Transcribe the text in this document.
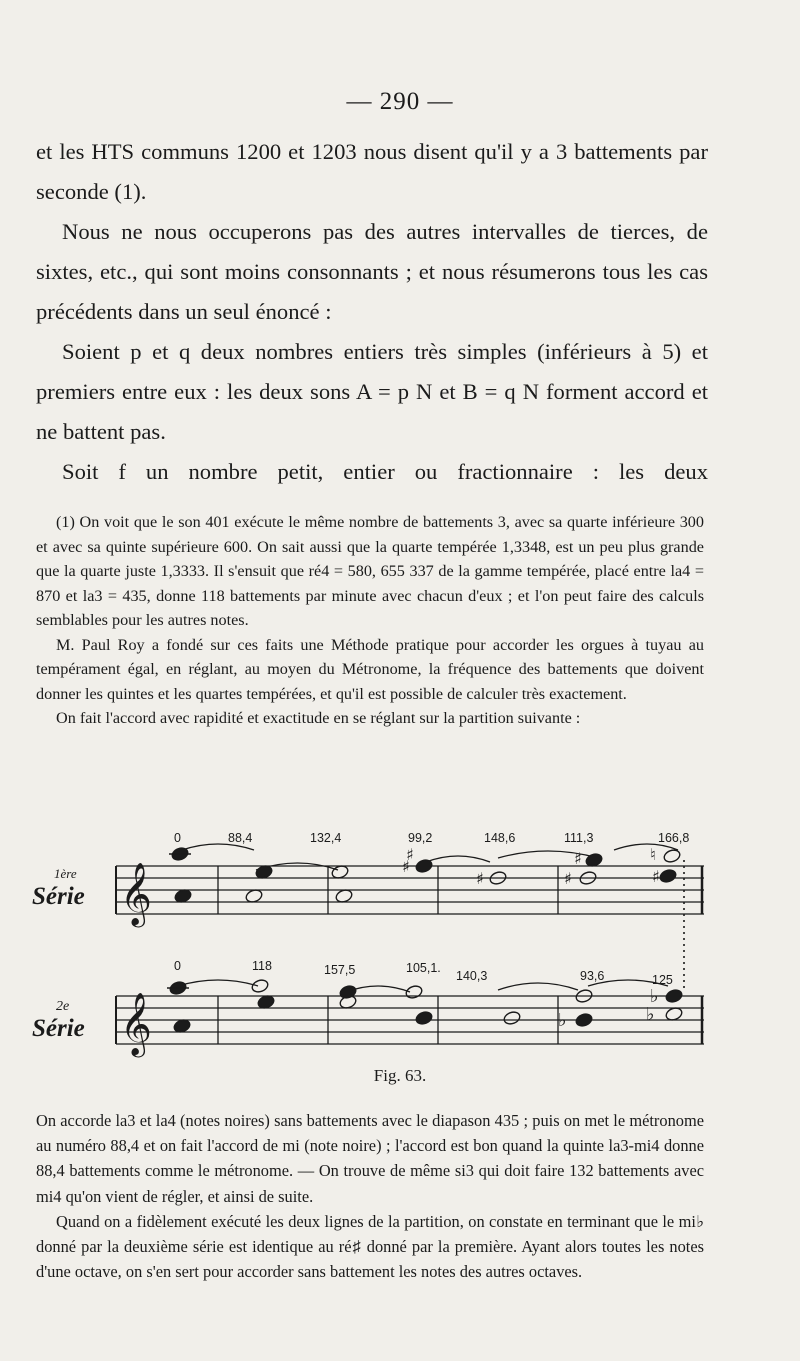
— 290 —

et les HTS communs 1200 et 1203 nous disent qu'il y a 3 battements par seconde (1).

Nous ne nous occuperons pas des autres intervalles de tierces, de sixtes, etc., qui sont moins consonnants ; et nous résumerons tous les cas précédents dans un seul énoncé :

Soient p et q deux nombres entiers très simples (inférieurs à 5) et premiers entre eux : les deux sons A = p N et B = q N forment accord et ne battent pas.

Soit f un nombre petit, entier ou fractionnaire : les deux

(1) On voit que le son 401 exécute le même nombre de battements 3, avec sa quarte inférieure 300 et avec sa quinte supérieure 600. On sait aussi que la quarte tempérée 1,3348, est un peu plus grande que la quarte juste 1,3333. Il s'ensuit que ré4 = 580, 655 337 de la gamme tempérée, placé entre la4 = 870 et la3 = 435, donne 118 battements par minute avec chacun d'eux ; et l'on peut faire des calculs semblables pour les autres notes.

M. Paul Roy a fondé sur ces faits une Méthode pratique pour accorder les orgues à tuyau au tempérament égal, en réglant, au moyen du Métronome, la fréquence des battements que doivent donner les quintes et les quartes tempérées, et qu'il est possible de calculer très exactement.

On fait l'accord avec rapidité et exactitude en se réglant sur la partition suivante :

𝄞
𝄞
1ère
Série
2e
Série
0	88,4	132,4	99,2	148,6	111,3	166,8
0	118	157,5	105,1.
140,3	93,6	125
♯
♯
♯	♯
♯
♯
♮
♭	♭
♭
Fig. 63.

On accorde la3 et la4 (notes noires) sans battements avec le diapason 435 ; puis on met le métronome au numéro 88,4 et on fait l'accord de mi (note noire) ; l'accord est bon quand la quinte la3-mi4 donne 88,4 battements comme le métronome. — On trouve de même si3 qui doit faire 132 battements avec mi4 qu'on vient de régler, et ainsi de suite.

Quand on a fidèlement exécuté les deux lignes de la partition, on constate en terminant que le mi♭ donné par la deuxième série est identique au ré♯ donné par la première. Ayant alors toutes les notes d'une octave, on s'en sert pour accorder sans battement les notes des autres octaves.
